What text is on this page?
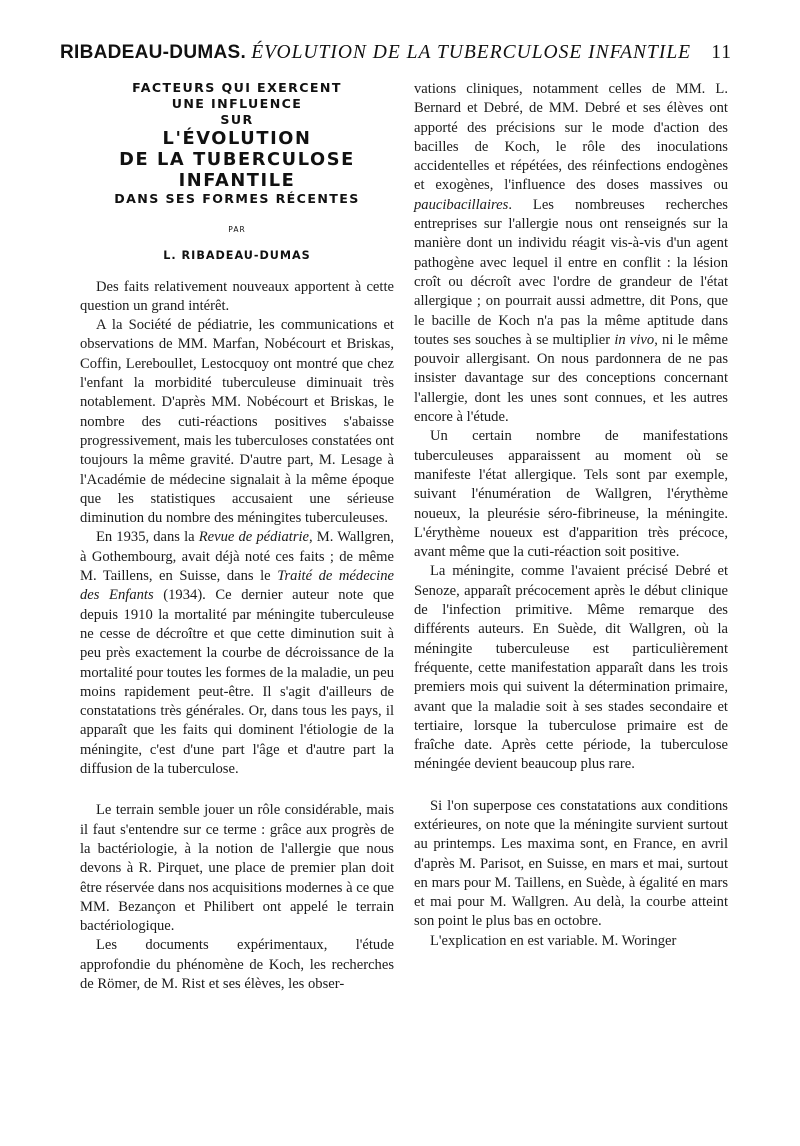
RIBADEAU-DUMAS. ÉVOLUTION DE LA TUBERCULOSE INFANTILE 11
FACTEURS QUI EXERCENT
UNE INFLUENCE
SUR
L'ÉVOLUTION
DE LA TUBERCULOSE
INFANTILE
DANS SES FORMES RÉCENTES
PAR
L. RIBADEAU-DUMAS

Des faits relativement nouveaux apportent à cette question un grand intérêt.

A la Société de pédiatrie, les communications et observations de MM. Marfan, Nobécourt et Briskas, Coffin, Lereboullet, Lestocquoy ont montré que chez l'enfant la morbidité tuberculeuse diminuait très notablement. D'après MM. Nobécourt et Briskas, le nombre des cuti-réactions positives s'abaisse progressivement, mais les tuberculoses constatées ont toujours la même gravité. D'autre part, M. Lesage à l'Académie de médecine signalait à la même époque que les statistiques accusaient une sérieuse diminution du nombre des méningites tuberculeuses.

En 1935, dans la Revue de pédiatrie, M. Wallgren, à Gothembourg, avait déjà noté ces faits ; de même M. Taillens, en Suisse, dans le Traité de médecine des Enfants (1934). Ce dernier auteur note que depuis 1910 la mortalité par méningite tuberculeuse ne cesse de décroître et que cette diminution suit à peu près exactement la courbe de décroissance de la mortalité pour toutes les formes de la maladie, un peu moins rapidement peut-être. Il s'agit d'ailleurs de constatations très générales. Or, dans tous les pays, il apparaît que les faits qui dominent l'étiologie de la méningite, c'est d'une part l'âge et d'autre part la diffusion de la tuberculose.

Le terrain semble jouer un rôle considérable, mais il faut s'entendre sur ce terme : grâce aux progrès de la bactériologie, à la notion de l'allergie que nous devons à R. Pirquet, une place de premier plan doit être réservée dans nos acquisitions modernes à ce que MM. Bezançon et Philibert ont appelé le terrain bactériologique.

Les documents expérimentaux, l'étude approfondie du phénomène de Koch, les recherches de Römer, de M. Rist et ses élèves, les obser-

vations cliniques, notamment celles de MM. L. Bernard et Debré, de MM. Debré et ses élèves ont apporté des précisions sur le mode d'action des bacilles de Koch, le rôle des inoculations accidentelles et répétées, des réinfections endogènes et exogènes, l'influence des doses massives ou paucibacillaires. Les nombreuses recherches entreprises sur l'allergie nous ont renseignés sur la manière dont un individu réagit vis-à-vis d'un agent pathogène avec lequel il entre en conflit : la lésion croît ou décroît avec l'ordre de grandeur de l'état allergique ; on pourrait aussi admettre, dit Pons, que le bacille de Koch n'a pas la même aptitude dans toutes ses souches à se multiplier in vivo, ni le même pouvoir allergisant. On nous pardonnera de ne pas insister davantage sur des conceptions concernant l'allergie, dont les unes sont connues, et les autres encore à l'étude.

Un certain nombre de manifestations tuberculeuses apparaissent au moment où se manifeste l'état allergique. Tels sont par exemple, suivant l'énumération de Wallgren, l'érythème noueux, la pleurésie séro-fibrineuse, la méningite. L'érythème noueux est d'apparition très précoce, avant même que la cuti-réaction soit positive.

La méningite, comme l'avaient précisé Debré et Senoze, apparaît précocement après le début clinique de l'infection primitive. Même remarque des différents auteurs. En Suède, dit Wallgren, où la méningite tuberculeuse est particulièrement fréquente, cette manifestation apparaît dans les trois premiers mois qui suivent la détermination primaire, avant que la maladie soit à ses stades secondaire et tertiaire, lorsque la tuberculose primaire est de fraîche date. Après cette période, la tuberculose méningée devient beaucoup plus rare.

Si l'on superpose ces constatations aux conditions extérieures, on note que la méningite survient surtout au printemps. Les maxima sont, en France, en avril d'après M. Parisot, en Suisse, en mars et mai, surtout en mars pour M. Taillens, en Suède, à égalité en mars et mai pour M. Wallgren. Au delà, la courbe atteint son point le plus bas en octobre.

L'explication en est variable. M. Woringer
